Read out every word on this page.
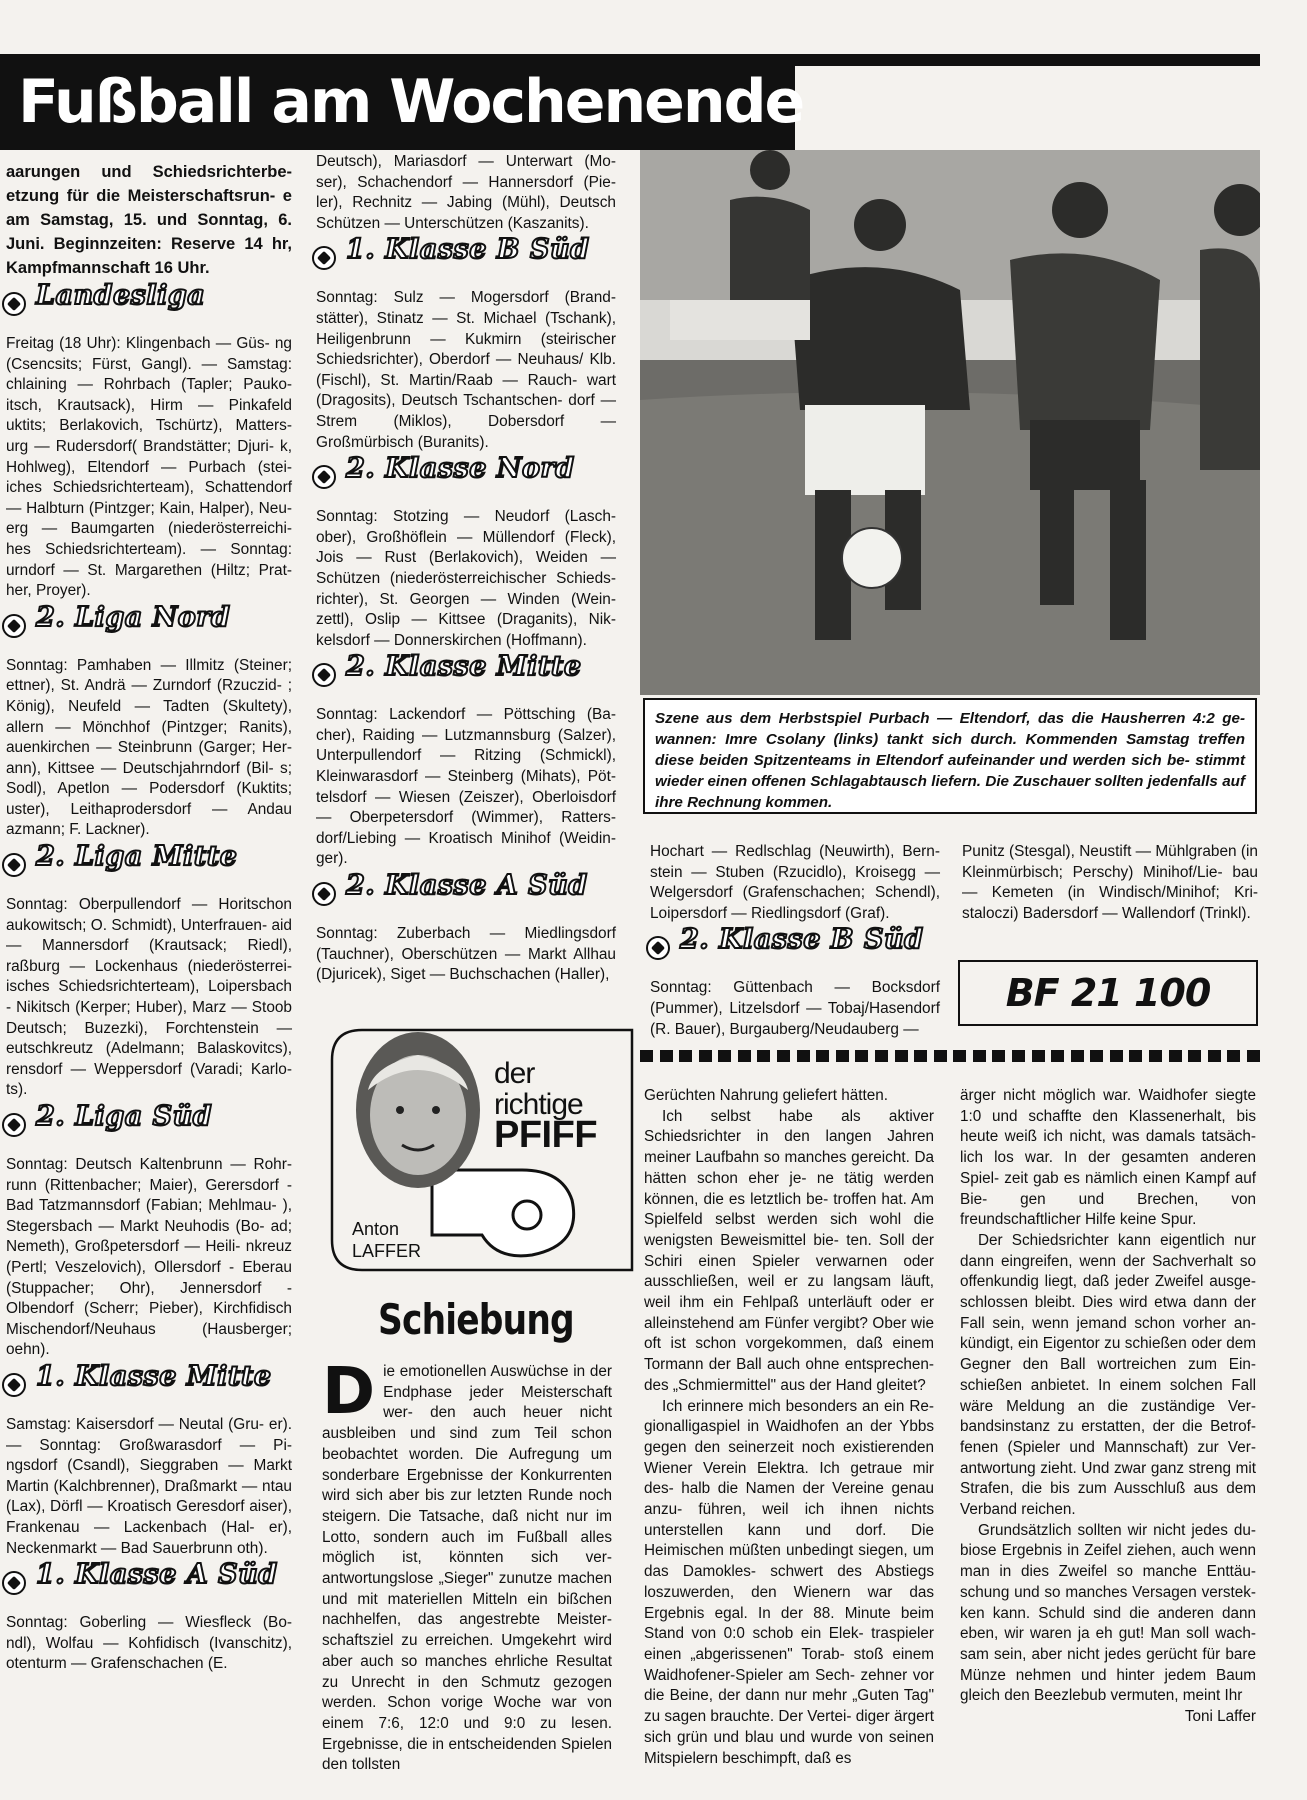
Fußball am Wochenende

aarungen und Schiedsrichterbe- etzung für die Meisterschaftsrun- e am Samstag, 15. und Sonntag, 6. Juni. Beginnzeiten: Reserve 14 hr, Kampfmannschaft 16 Uhr.

Landesliga

Freitag (18 Uhr): Klingenbach — Güs- ng (Csencsits; Fürst, Gangl). — Samstag: chlaining — Rohrbach (Tapler; Pauko- itsch, Krautsack), Hirm — Pinkafeld uktits; Berlakovich, Tschürtz), Matters- urg — Rudersdorf( Brandstätter; Djuri- k, Hohlweg), Eltendorf — Purbach (stei- iches Schiedsrichterteam), Schattendorf — Halbturn (Pintzger; Kain, Halper), Neu- erg — Baumgarten (niederösterreichi- hes Schiedsrichterteam). — Sonntag: urndorf — St. Margarethen (Hiltz; Prat- her, Proyer).

2. Liga Nord

Sonntag: Pamhaben — Illmitz (Steiner; ettner), St. Andrä — Zurndorf (Rzuczid- ; König), Neufeld — Tadten (Skultety), allern — Mönchhof (Pintzger; Ranits), auenkirchen — Steinbrunn (Garger; Her- ann), Kittsee — Deutschjahrndorf (Bil- s; Sodl), Apetlon — Podersdorf (Kuktits; uster), Leithaprodersdorf — Andau azmann; F. Lackner).

2. Liga Mitte

Sonntag: Oberpullendorf — Horitschon aukowitsch; O. Schmidt), Unterfrauen- aid — Mannersdorf (Krautsack; Riedl), raßburg — Lockenhaus (niederösterrei- isches Schiedsrichterteam), Loipersbach - Nikitsch (Kerper; Huber), Marz — Stoob Deutsch; Buzezki), Forchtenstein — eutschkreutz (Adelmann; Balaskovitcs), rensdorf — Weppersdorf (Varadi; Karlo- ts).

2. Liga Süd

Sonntag: Deutsch Kaltenbrunn — Rohr- runn (Rittenbacher; Maier), Gerersdorf - Bad Tatzmannsdorf (Fabian; Mehlmau- ), Stegersbach — Markt Neuhodis (Bo- ad; Nemeth), Großpetersdorf — Heili- nkreuz (Pertl; Veszelovich), Ollersdorf - Eberau (Stuppacher; Ohr), Jennersdorf - Olbendorf (Scherr; Pieber), Kirchfidisch Mischendorf/Neuhaus (Hausberger; oehn).

1. Klasse Mitte

Samstag: Kaisersdorf — Neutal (Gru- er). — Sonntag: Großwarasdorf — Pi- ngsdorf (Csandl), Sieggraben — Markt Martin (Kalchbrenner), Draßmarkt — ntau (Lax), Dörfl — Kroatisch Geresdorf aiser), Frankenau — Lackenbach (Hal- er), Neckenmarkt — Bad Sauerbrunn oth).

1. Klasse A Süd

Sonntag: Goberling — Wiesfleck (Bo- ndl), Wolfau — Kohfidisch (Ivanschitz), otenturm — Grafenschachen (E.

Deutsch), Mariasdorf — Unterwart (Mo- ser), Schachendorf — Hannersdorf (Pie- ler), Rechnitz — Jabing (Mühl), Deutsch Schützen — Unterschützen (Kaszanits).

1. Klasse B Süd

Sonntag: Sulz — Mogersdorf (Brand- stätter), Stinatz — St. Michael (Tschank), Heiligenbrunn — Kukmirn (steirischer Schiedsrichter), Oberdorf — Neuhaus/ Klb. (Fischl), St. Martin/Raab — Rauch- wart (Dragosits), Deutsch Tschantschen- dorf — Strem (Miklos), Dobersdorf — Großmürbisch (Buranits).

2. Klasse Nord

Sonntag: Stotzing — Neudorf (Lasch- ober), Großhöflein — Müllendorf (Fleck), Jois — Rust (Berlakovich), Weiden — Schützen (niederösterreichischer Schieds- richter), St. Georgen — Winden (Wein- zettl), Oslip — Kittsee (Draganits), Nik- kelsdorf — Donnerskirchen (Hoffmann).

2. Klasse Mitte

Sonntag: Lackendorf — Pöttsching (Ba- cher), Raiding — Lutzmannsburg (Salzer), Unterpullendorf — Ritzing (Schmickl), Kleinwarasdorf — Steinberg (Mihats), Pöt- telsdorf — Wiesen (Zeiszer), Oberloisdorf — Oberpetersdorf (Wimmer), Ratters- dorf/Liebing — Kroatisch Minihof (Weidin- ger).

2. Klasse A Süd

Sonntag: Zuberbach — Miedlingsdorf (Tauchner), Oberschützen — Markt Allhau (Djuricek), Siget — Buchschachen (Haller),

Szene aus dem Herbstspiel Purbach — Eltendorf, das die Hausherren 4:2 ge- wannen: Imre Csolany (links) tankt sich durch. Kommenden Samstag treffen diese beiden Spitzenteams in Eltendorf aufeinander und werden sich be- stimmt wieder einen offenen Schlagabtausch liefern. Die Zuschauer sollten jedenfalls auf ihre Rechnung kommen.

Hochart — Redlschlag (Neuwirth), Bern- stein — Stuben (Rzucidlo), Kroisegg — Welgersdorf (Grafenschachen; Schendl), Loipersdorf — Riedlingsdorf (Graf).

2. Klasse B Süd

Sonntag: Güttenbach — Bocksdorf (Pummer), Litzelsdorf — Tobaj/Hasendorf (R. Bauer), Burgauberg/Neudauberg —

Punitz (Stesgal), Neustift — Mühlgraben (in Kleinmürbisch; Perschy) Minihof/Lie- bau — Kemeten (in Windisch/Minihof; Kri- staloczi) Badersdorf — Wallendorf (Trinkl).

BF 21 100
der
richtige
PFIFF
Anton
LAFFER
Schiebung
D ie emotionellen Auswüchse in der Endphase jeder Meisterschaft wer- den auch heuer nicht ausbleiben und sind zum Teil schon beobachtet worden. Die Aufregung um sonderbare Ergebnisse der Konkurrenten wird sich aber bis zur letzten Runde noch steigern. Die Tatsache, daß nicht nur im Lotto, sondern auch im Fußball alles möglich ist, könnten sich ver- antwortungslose „Sieger" zunutze machen und mit materiellen Mitteln ein bißchen nachhelfen, das angestrebte Meister- schaftsziel zu erreichen. Umgekehrt wird aber auch so manches ehrliche Resultat zu Unrecht in den Schmutz gezogen werden. Schon vorige Woche war von einem 7:6, 12:0 und 9:0 zu lesen. Ergebnisse, die in entscheidenden Spielen den tollsten

Gerüchten Nahrung geliefert hätten.

Ich selbst habe als aktiver Schiedsrichter in den langen Jahren meiner Laufbahn so manches gereicht. Da hätten schon eher je- ne tätig werden können, die es letztlich be- troffen hat. Am Spielfeld selbst werden sich wohl die wenigsten Beweismittel bie- ten. Soll der Schiri einen Spieler verwarnen oder ausschließen, weil er zu langsam läuft, weil ihm ein Fehlpaß unterläuft oder er alleinstehend am Fünfer vergibt? Ober wie oft ist schon vorgekommen, daß einem Tormann der Ball auch ohne entsprechen- des „Schmiermittel" aus der Hand gleitet?

Ich erinnere mich besonders an ein Re- gionalligaspiel in Waidhofen an der Ybbs gegen den seinerzeit noch existierenden Wiener Verein Elektra. Ich getraue mir des- halb die Namen der Vereine genau anzu- führen, weil ich ihnen nichts unterstellen kann und dorf. Die Heimischen müßten unbedingt siegen, um das Damokles- schwert des Abstiegs loszuwerden, den Wienern war das Ergebnis egal. In der 88. Minute beim Stand von 0:0 schob ein Elek- traspieler einen „abgerissenen" Torab- stoß einem Waidhofener-Spieler am Sech- zehner vor die Beine, der dann nur mehr „Guten Tag" zu sagen brauchte. Der Vertei- diger ärgert sich grün und blau und wurde von seinen Mitspielern beschimpft, daß es

ärger nicht möglich war. Waidhofer siegte 1:0 und schaffte den Klassenerhalt, bis heute weiß ich nicht, was damals tatsäch- lich los war. In der gesamten anderen Spiel- zeit gab es nämlich einen Kampf auf Bie- gen und Brechen, von freundschaftlicher Hilfe keine Spur.

Der Schiedsrichter kann eigentlich nur dann eingreifen, wenn der Sachverhalt so offenkundig liegt, daß jeder Zweifel ausge- schlossen bleibt. Dies wird etwa dann der Fall sein, wenn jemand schon vorher an- kündigt, ein Eigentor zu schießen oder dem Gegner den Ball wortreichen zum Ein- schießen anbietet. In einem solchen Fall wäre Meldung an die zuständige Ver- bandsinstanz zu erstatten, der die Betrof- fenen (Spieler und Mannschaft) zur Ver- antwortung zieht. Und zwar ganz streng mit Strafen, die bis zum Ausschluß aus dem Verband reichen.

Grundsätzlich sollten wir nicht jedes du- biose Ergebnis in Zeifel ziehen, auch wenn man in dies Zweifel so manche Enttäu- schung und so manches Versagen verstek- ken kann. Schuld sind die anderen dann eben, wir waren ja eh gut! Man soll wach- sam sein, aber nicht jedes gerücht für bare Münze nehmen und hinter jedem Baum gleich den Beezlebub vermuten, meint Ihr

Toni Laffer
